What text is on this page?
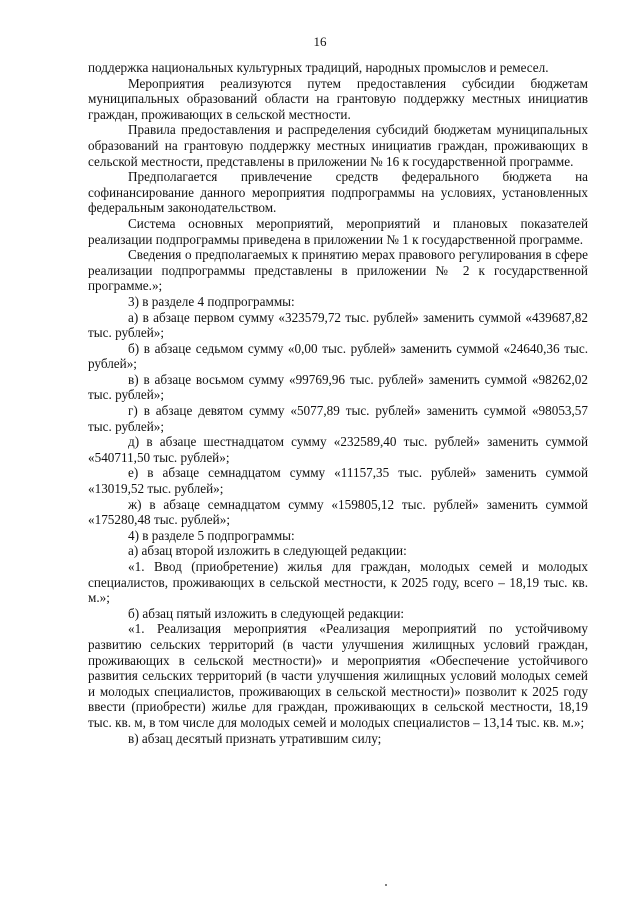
16

поддержка национальных культурных традиций, народных промыслов и ремесел.

Мероприятия реализуются путем предоставления субсидии бюджетам муниципальных образований области на грантовую поддержку местных инициатив граждан, проживающих в сельской местности.

Правила предоставления и распределения субсидий бюджетам муниципальных образований на грантовую поддержку местных инициатив граждан, проживающих в сельской местности, представлены в приложении № 16 к государственной программе.

Предполагается привлечение средств федерального бюджета на софинансирование данного мероприятия подпрограммы на условиях, установленных федеральным законодательством.

Система основных мероприятий, мероприятий и плановых показателей реализации подпрограммы приведена в приложении № 1 к государственной программе.

Сведения о предполагаемых к принятию мерах правового регулирования в сфере реализации подпрограммы представлены в приложении № 2 к государственной программе.»;

3) в разделе 4 подпрограммы:

а) в абзаце первом сумму «323579,72 тыс. рублей» заменить суммой «439687,82 тыс. рублей»;

б) в абзаце седьмом сумму «0,00 тыс. рублей» заменить суммой «24640,36 тыс. рублей»;

в) в абзаце восьмом сумму «99769,96 тыс. рублей» заменить суммой «98262,02 тыс. рублей»;

г) в абзаце девятом сумму «5077,89 тыс. рублей» заменить суммой «98053,57 тыс. рублей»;

д) в абзаце шестнадцатом сумму «232589,40 тыс. рублей» заменить суммой «540711,50 тыс. рублей»;

е) в абзаце семнадцатом сумму «11157,35 тыс. рублей» заменить суммой «13019,52 тыс. рублей»;

ж) в абзаце семнадцатом сумму «159805,12 тыс. рублей» заменить суммой «175280,48 тыс. рублей»;

4) в разделе 5 подпрограммы:

а) абзац второй изложить в следующей редакции:

«1. Ввод (приобретение) жилья для граждан, молодых семей и молодых специалистов, проживающих в сельской местности, к 2025 году, всего – 18,19 тыс. кв. м.»;

б) абзац пятый изложить в следующей редакции:

«1. Реализация мероприятия «Реализация мероприятий по устойчивому развитию сельских территорий (в части улучшения жилищных условий граждан, проживающих в сельской местности)» и мероприятия «Обеспечение устойчивого развития сельских территорий (в части улучшения жилищных условий молодых семей и молодых специалистов, проживающих в сельской местности)» позволит к 2025 году ввести (приобрести) жилье для граждан, проживающих в сельской местности, 18,19 тыс. кв. м, в том числе для молодых семей и молодых специалистов – 13,14 тыс. кв. м.»;

в) абзац десятый признать утратившим силу;
